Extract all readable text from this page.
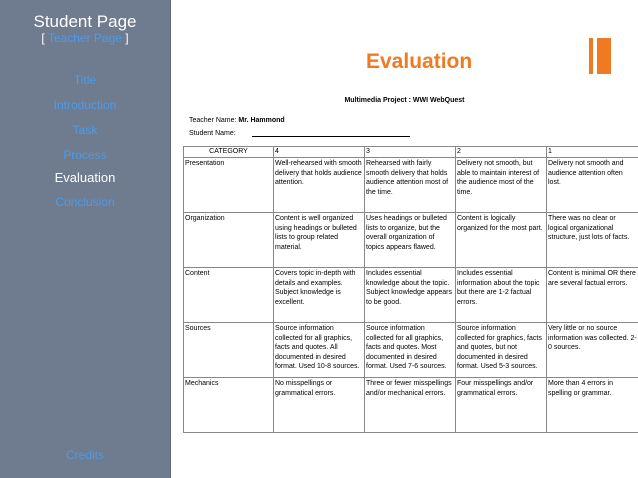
Student Page
[ Teacher Page ]
Title
Introduction
Task
Process
Evaluation
Conclusion
Credits
Evaluation
Multimedia Project : WWI WebQuest
Teacher Name: Mr. Hammond
Student Name:
CATEGORY	4	3	2	1
Presentation	Well-rehearsed with smooth delivery that holds audience attention.	Rehearsed with fairly smooth delivery that holds audience attention most of the time.	Delivery not smooth, but able to maintain interest of the audience most of the time.	Delivery not smooth and audience attention often lost.
Organization	Content is well organized using headings or bulleted lists to group related material.	Uses headings or bulleted lists to organize, but the overall organization of topics appears flawed.	Content is logically organized for the most part.	There was no clear or logical organizational structure, just lots of facts.
Content	Covers topic in-depth with details and examples. Subject knowledge is excellent.	Includes essential knowledge about the topic. Subject knowledge appears to be good.	Includes essential information about the topic but there are 1-2 factual errors.	Content is minimal OR there are several factual errors.
Sources	Source information collected for all graphics, facts and quotes. All documented in desired format. Used 10-8 sources.	Source information collected for all graphics, facts and quotes. Most documented in desired format. Used 7-6 sources.	Source information collected for graphics, facts and quotes, but not documented in desired format. Used 5-3 sources.	Very little or no source information was collected. 2-0 sources.
Mechanics	No misspellings or grammatical errors.	Three or fewer misspellings and/or mechanical errors.	Four misspellings and/or grammatical errors.	More than 4 errors in spelling or grammar.
